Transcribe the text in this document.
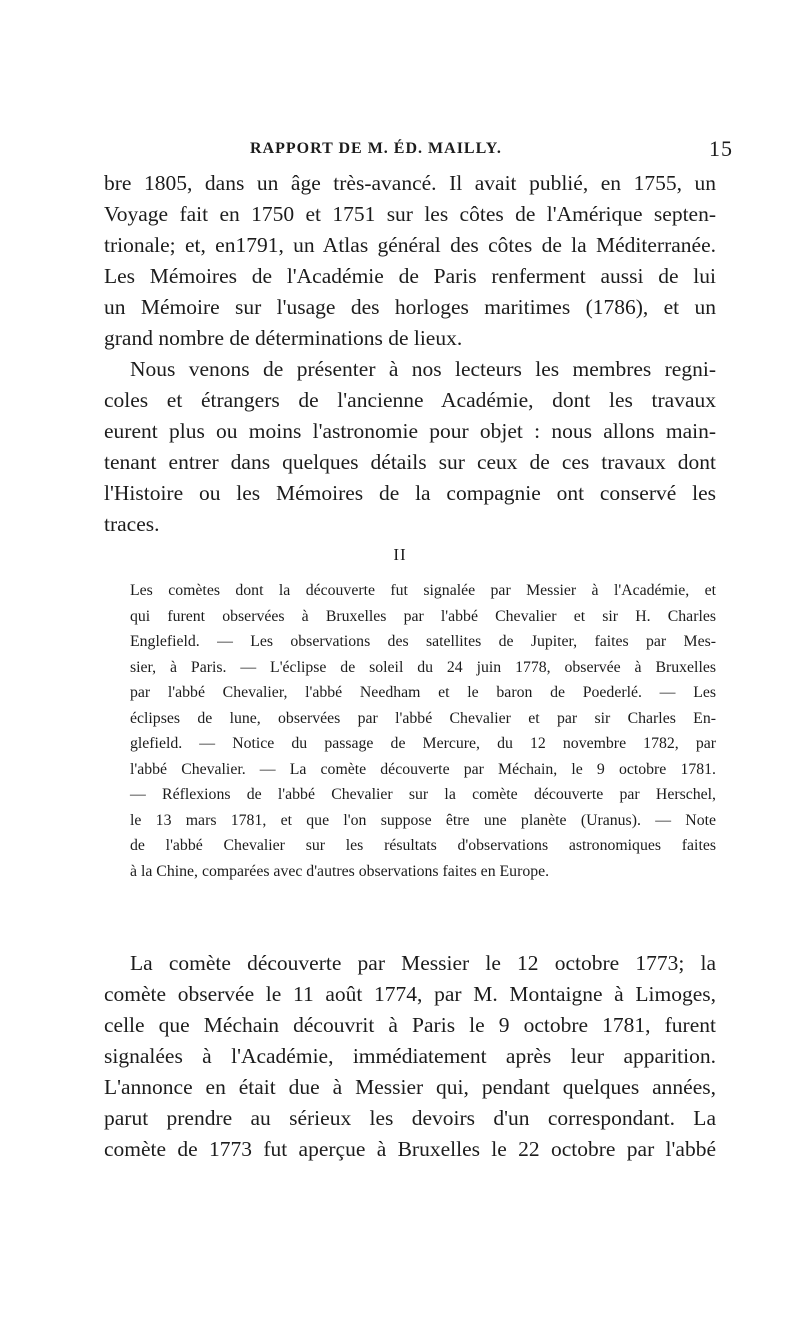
RAPPORT DE M. ÉD. MAILLY.	15
bre 1805, dans un âge très-avancé. Il avait publié, en 1755, un
Voyage fait en 1750 et 1751 sur les côtes de l'Amérique septen-
trionale; et, en1791, un Atlas général des côtes de la Méditerranée.
Les Mémoires de l'Académie de Paris renferment aussi de lui
un Mémoire sur l'usage des horloges maritimes (1786), et un
grand nombre de déterminations de lieux.
Nous venons de présenter à nos lecteurs les membres regni-
coles et étrangers de l'ancienne Académie, dont les travaux
eurent plus ou moins l'astronomie pour objet : nous allons main-
tenant entrer dans quelques détails sur ceux de ces travaux dont
l'Histoire ou les Mémoires de la compagnie ont conservé les
traces.
II
Les comètes dont la découverte fut signalée par Messier à l'Académie, et
qui furent observées à Bruxelles par l'abbé Chevalier et sir H. Charles
Englefield. — Les observations des satellites de Jupiter, faites par Mes-
sier, à Paris. — L'éclipse de soleil du 24 juin 1778, observée à Bruxelles
par l'abbé Chevalier, l'abbé Needham et le baron de Poederlé. — Les
éclipses de lune, observées par l'abbé Chevalier et par sir Charles En-
glefield. — Notice du passage de Mercure, du 12 novembre 1782, par
l'abbé Chevalier. — La comète découverte par Méchain, le 9 octobre 1781.
— Réflexions de l'abbé Chevalier sur la comète découverte par Herschel,
le 13 mars 1781, et que l'on suppose être une planète (Uranus). — Note
de l'abbé Chevalier sur les résultats d'observations astronomiques faites
à la Chine, comparées avec d'autres observations faites en Europe.
La comète découverte par Messier le 12 octobre 1773; la
comète observée le 11 août 1774, par M. Montaigne à Limoges,
celle que Méchain découvrit à Paris le 9 octobre 1781, furent
signalées à l'Académie, immédiatement après leur apparition.
L'annonce en était due à Messier qui, pendant quelques années,
parut prendre au sérieux les devoirs d'un correspondant. La
comète de 1773 fut aperçue à Bruxelles le 22 octobre par l'abbé
